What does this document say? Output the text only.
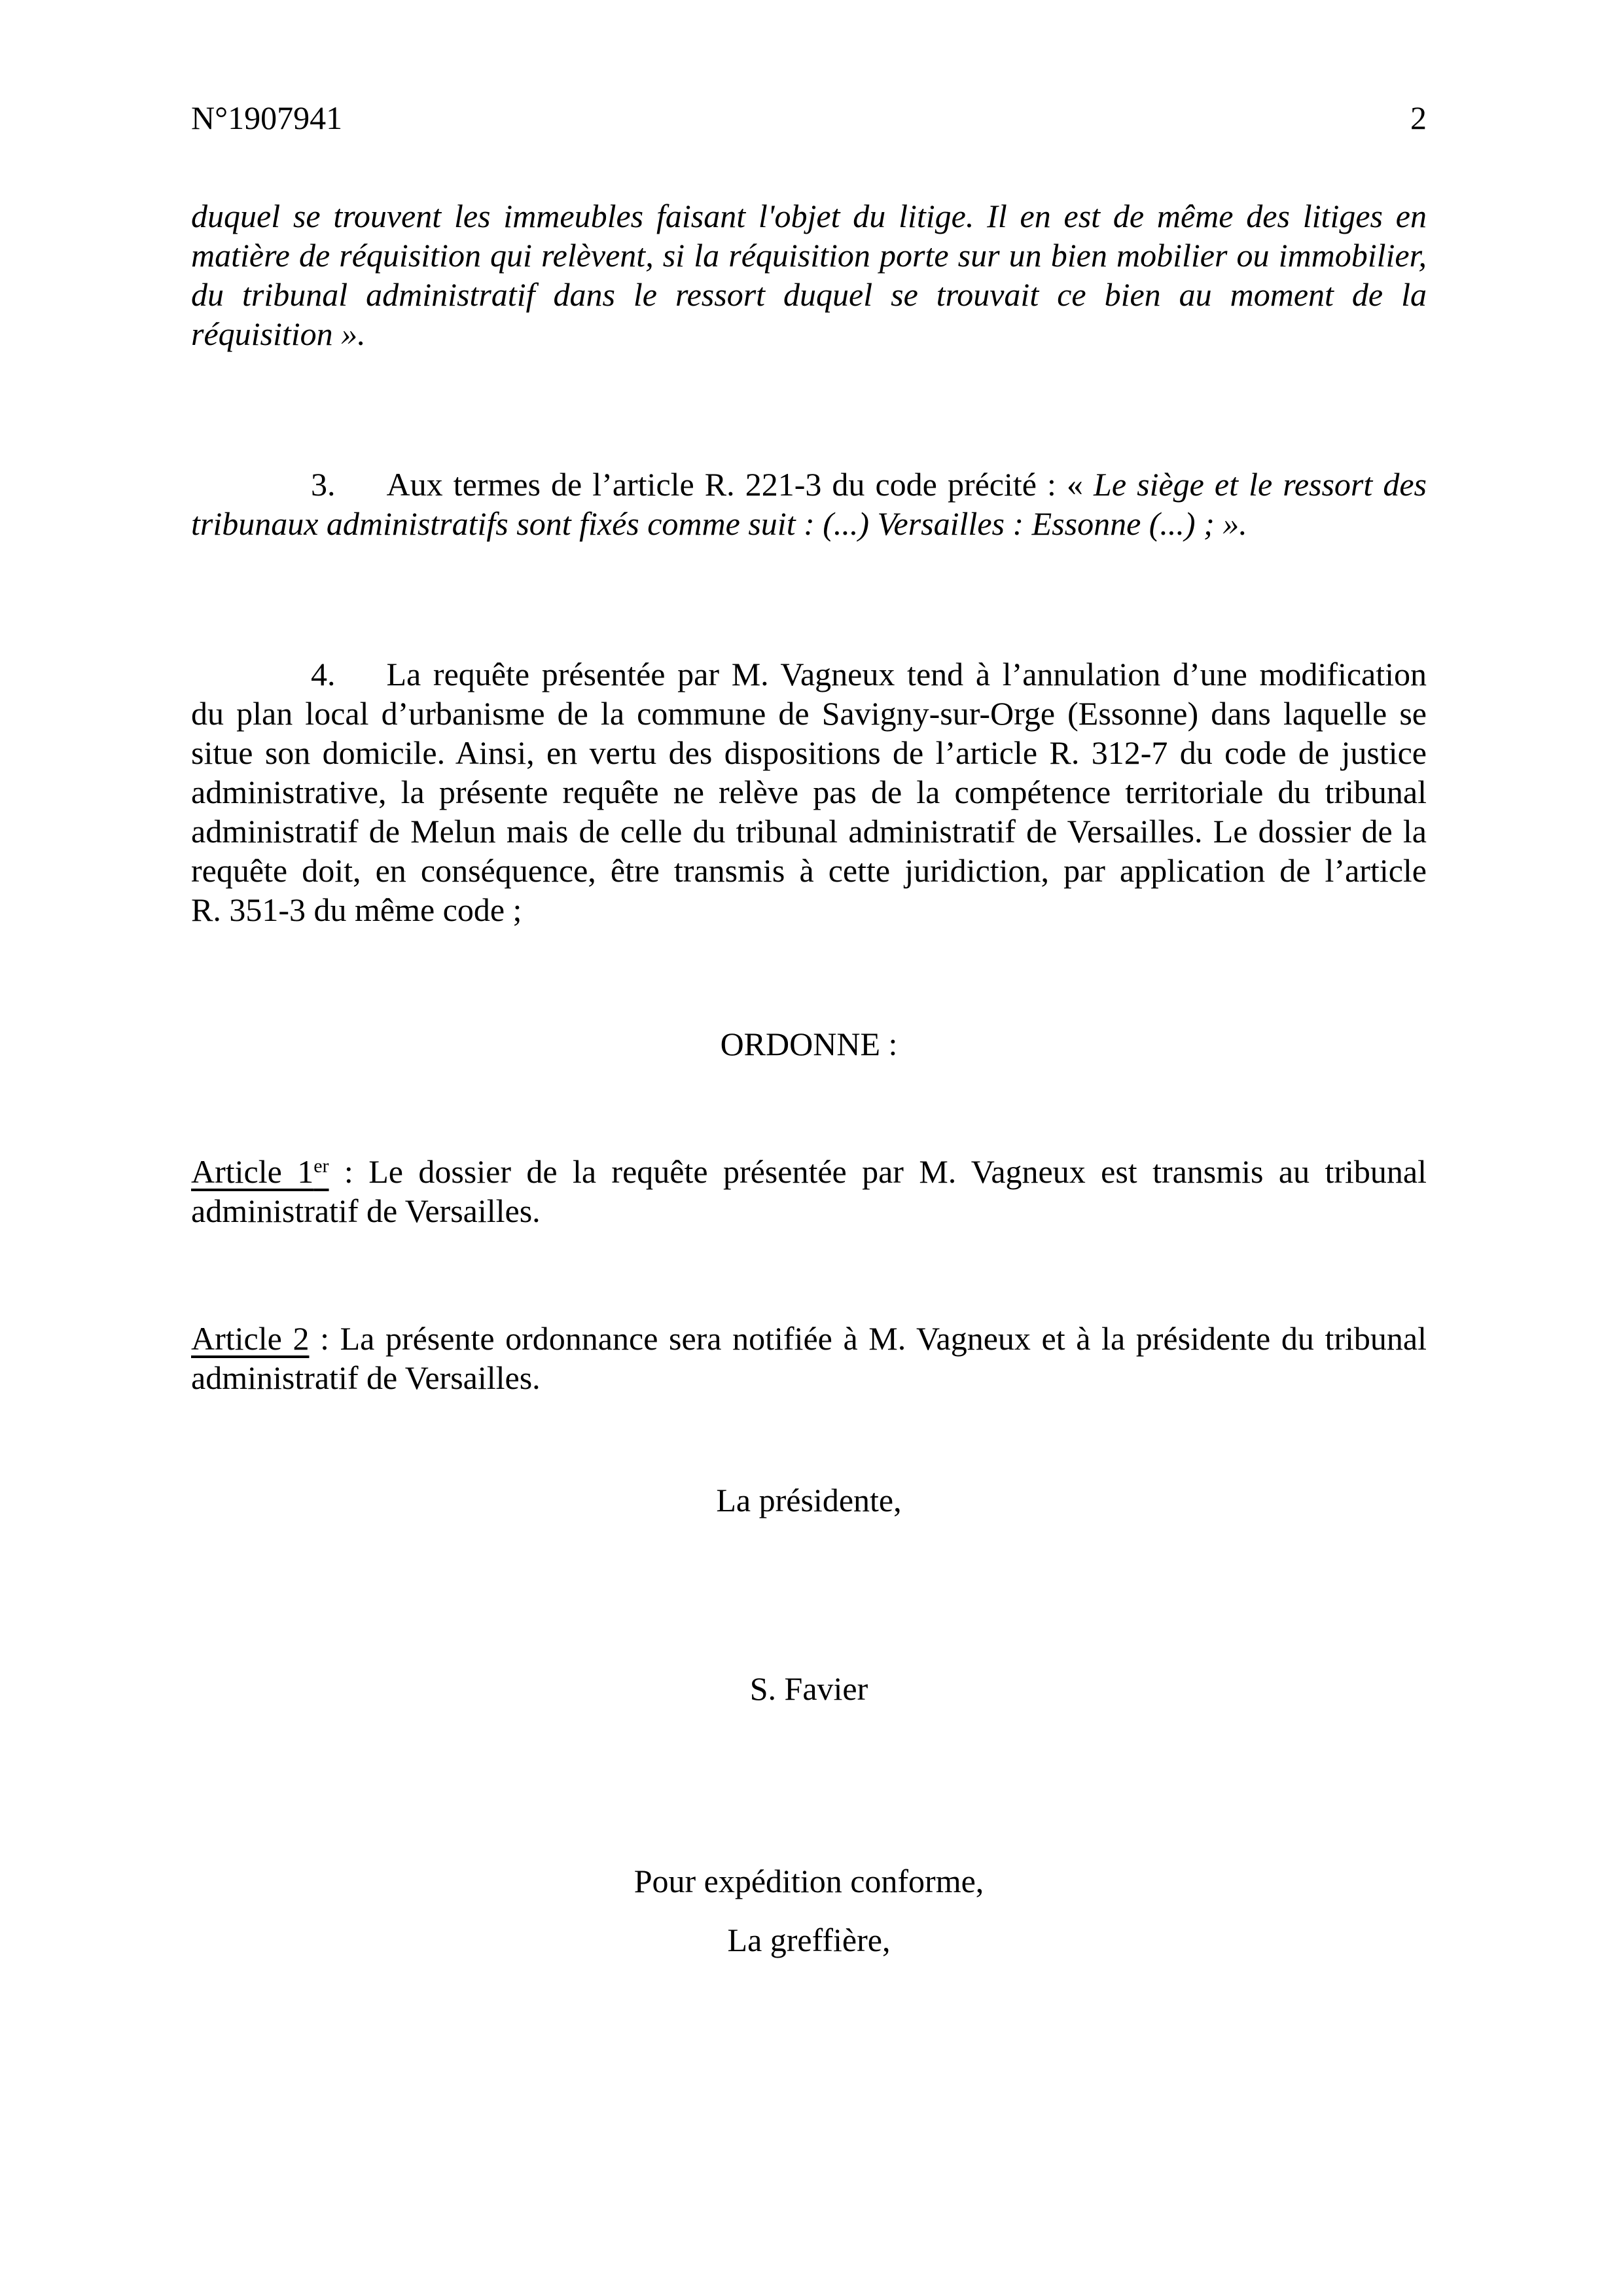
N°1907941	2
duquel se trouvent les immeubles faisant l'objet du litige. Il en est de même des litiges en
matière de réquisition qui relèvent, si la réquisition porte sur un bien mobilier ou immobilier,
du tribunal administratif dans le ressort duquel se trouvait ce bien au moment de la
réquisition ».
3. Aux termes de l’article R. 221-3 du code précité : « Le siège et le ressort des
tribunaux administratifs sont fixés comme suit : (...) Versailles : Essonne (...) ; ».
4. La requête présentée par M. Vagneux tend à l’annulation d’une modification
du plan local d’urbanisme de la commune de Savigny-sur-Orge (Essonne) dans laquelle se
situe son domicile. Ainsi, en vertu des dispositions de l’article R. 312-7 du code de justice
administrative, la présente requête ne relève pas de la compétence territoriale du tribunal
administratif de Melun mais de celle du tribunal administratif de Versailles. Le dossier de la
requête doit, en conséquence, être transmis à cette juridiction, par application de l’article
R. 351-3 du même code ;
ORDONNE :
Article 1er : Le dossier de la requête présentée par M. Vagneux est transmis au tribunal
administratif de Versailles.
Article 2 : La présente ordonnance sera notifiée à M. Vagneux et à la présidente du tribunal
administratif de Versailles.
La présidente,
S. Favier
Pour expédition conforme,
La greffière,
